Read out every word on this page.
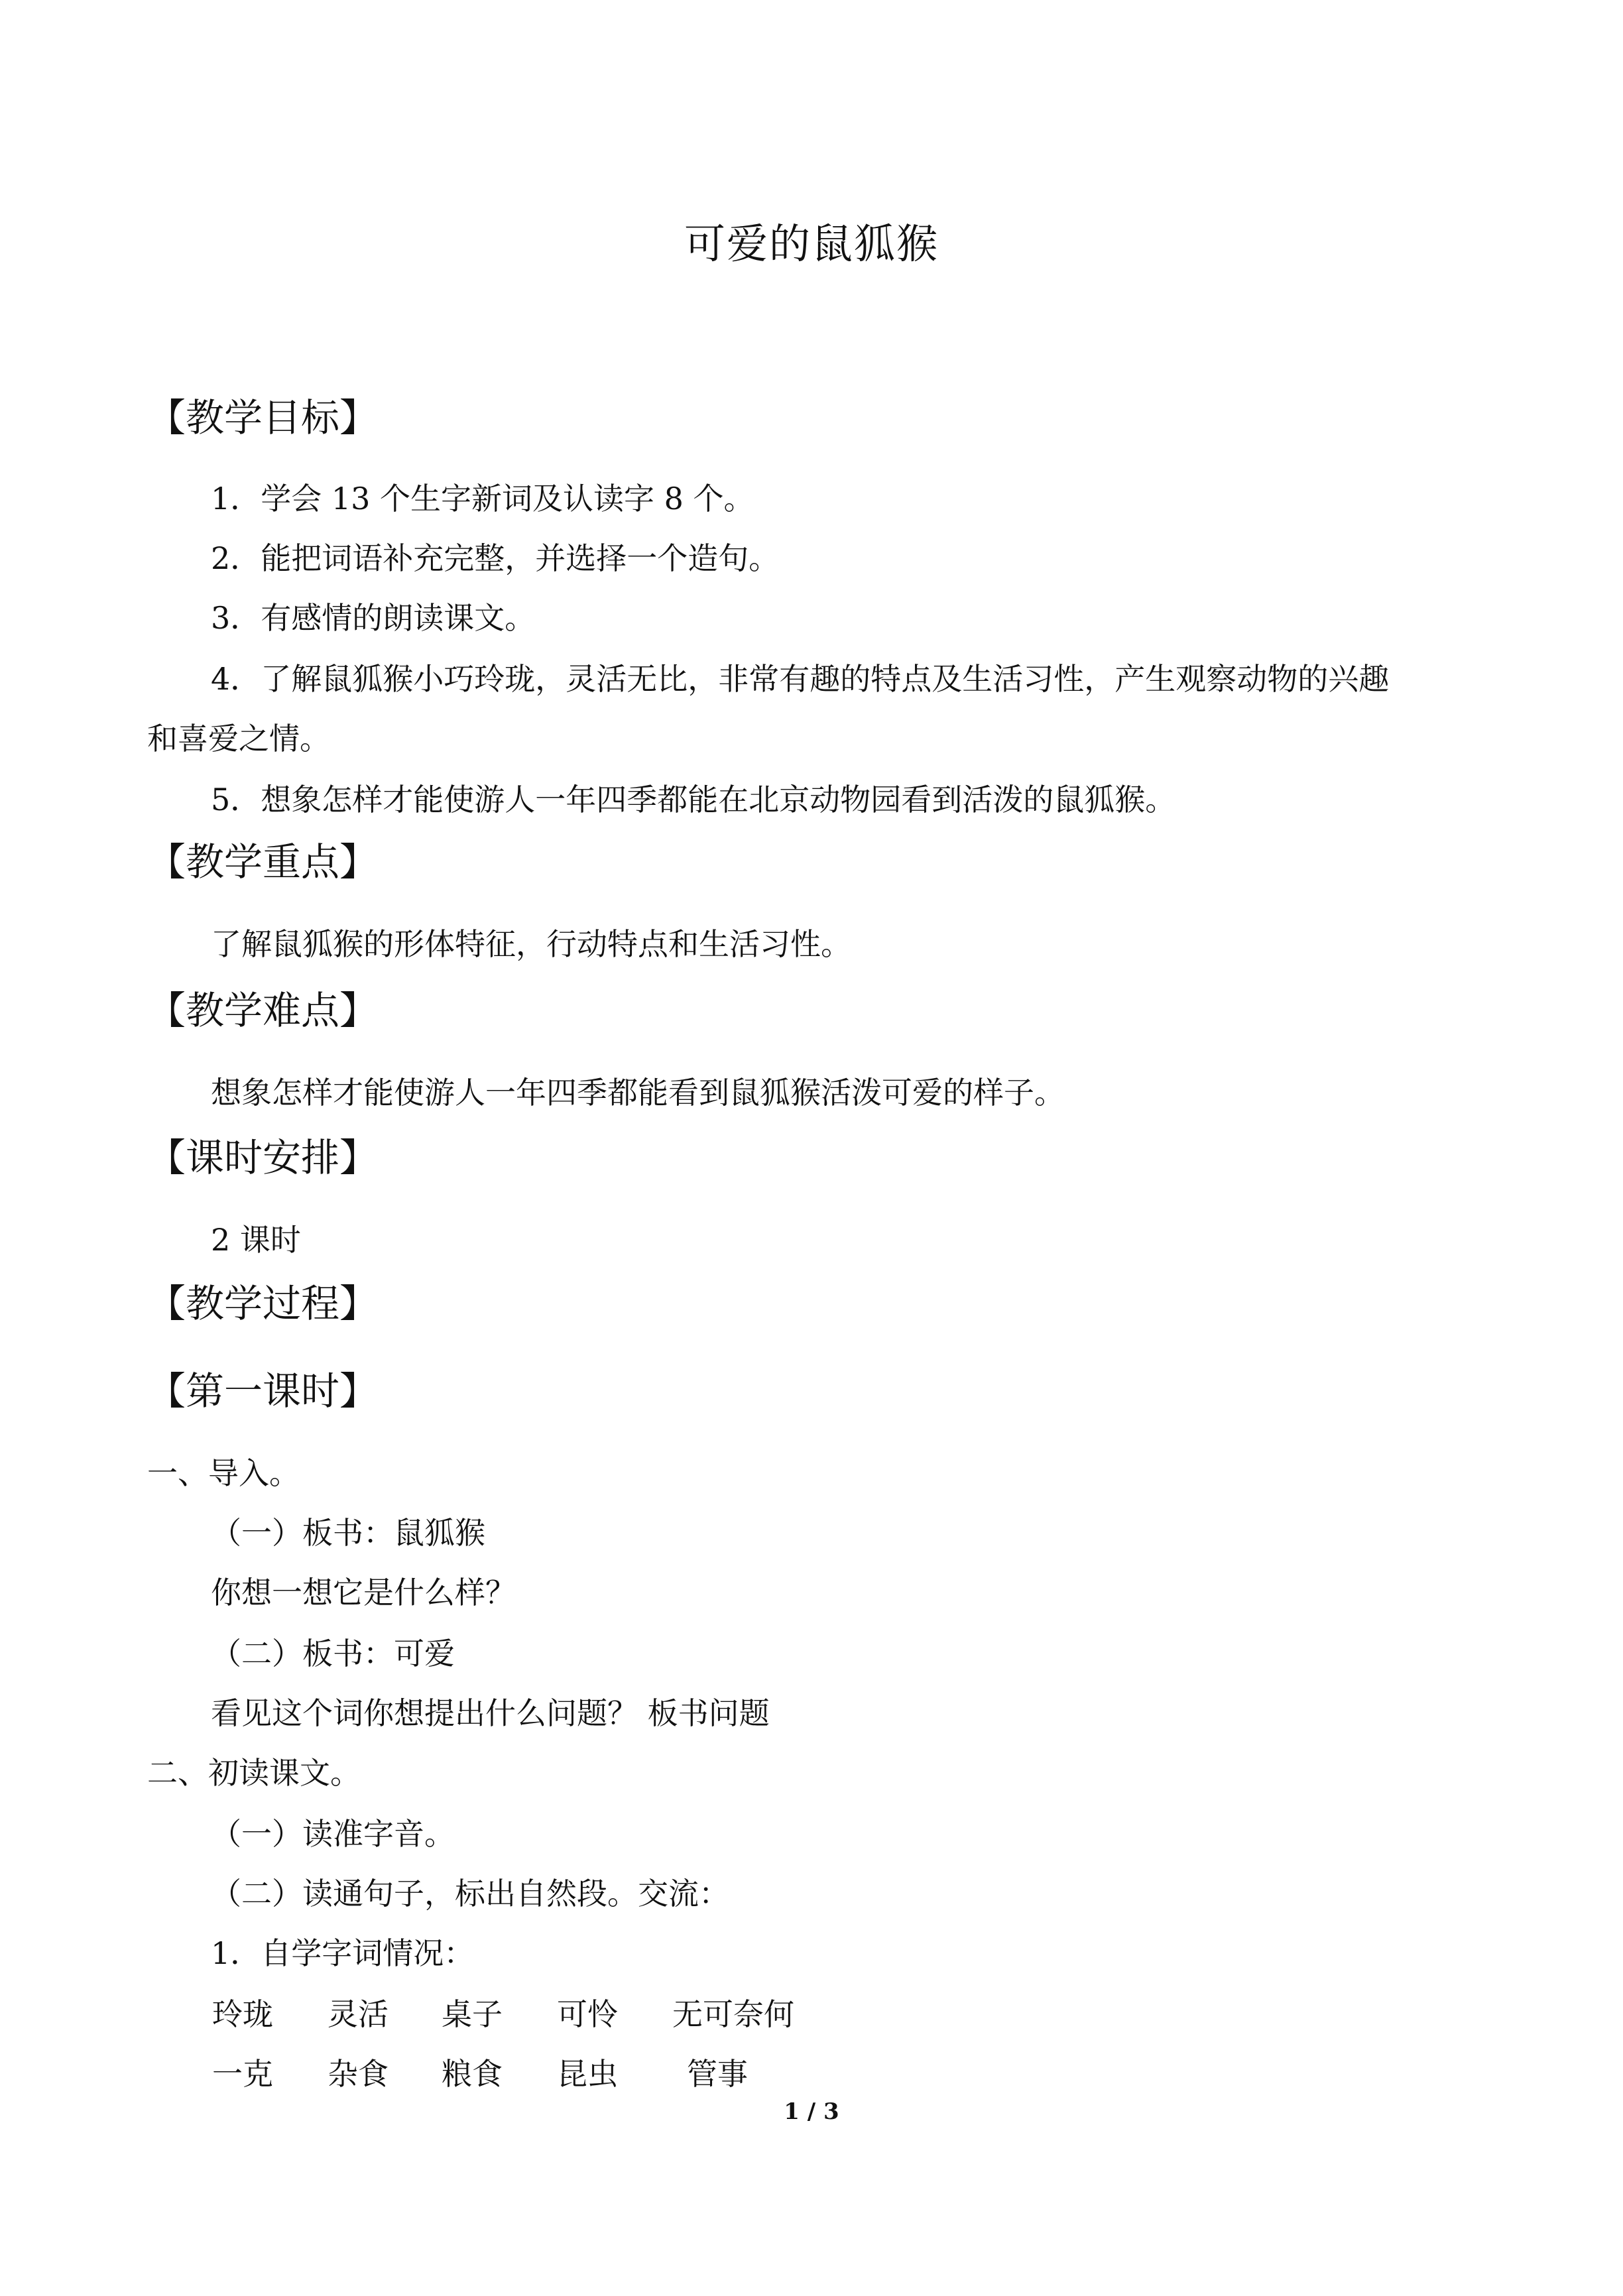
可爱的鼠狐猴
【教学目标】
1．学会 13 个生字新词及认读字 8 个。
2．能把词语补充完整，并选择一个造句。
3．有感情的朗读课文。
4．了解鼠狐猴小巧玲珑，灵活无比，非常有趣的特点及生活习性，产生观察动物的兴趣
和喜爱之情。
5．想象怎样才能使游人一年四季都能在北京动物园看到活泼的鼠狐猴。
【教学重点】
了解鼠狐猴的形体特征，行动特点和生活习性。
【教学难点】
想象怎样才能使游人一年四季都能看到鼠狐猴活泼可爱的样子。
【课时安排】
2 课时
【教学过程】
【第一课时】
一、导入。
（一）板书：鼠狐猴
你想一想它是什么样？
（二）板书：可爱
看见这个词你想提出什么问题？ 板书问题
二、初读课文。
（一）读准字音。
（二）读通句子，标出自然段。交流：
1．自学字词情况：
玲珑 灵活 桌子 可怜 无可奈何
一克 杂食 粮食 昆虫 管事
1 / 3
